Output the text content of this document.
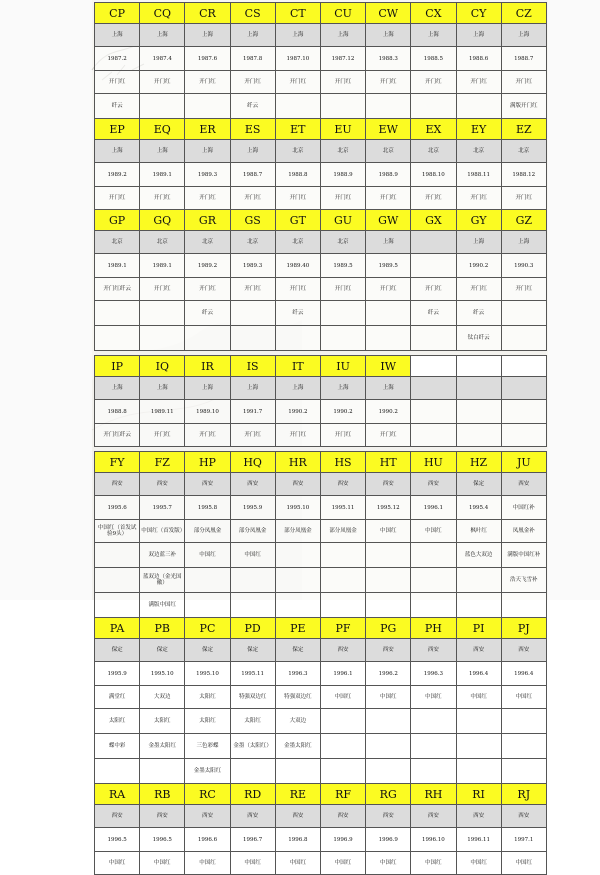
CP	CQ	CR	CS	CT	CU	CW	CX	CY	CZ
上海	上海	上海	上海	上海	上海	上海	上海	上海	上海
1987.2	1987.4	1987.6	1987.8	1987.10	1987.12	1988.3	1988.5	1988.6	1988.7
开门红	开门红	开门红	开门红	开门红	开门红	开门红	开门红	开门红	开门红
纤云			纤云						满版开门红
EP	EQ	ER	ES	ET	EU	EW	EX	EY	EZ
上海	上海	上海	上海	北京	北京	北京	北京	北京	北京
1989.2	1989.1	1989.3	1988.7	1988.8	1988.9	1988.9	1988.10	1988.11	1988.12
开门红	开门红	开门红	开门红	开门红	开门红	开门红	开门红	开门红	开门红
GP	GQ	GR	GS	GT	GU	GW	GX	GY	GZ
北京	北京	北京	北京	北京	北京	上海		上海	上海
1989.1	1989.1	1989.2	1989.3	1989.40	1989.5	1989.5		1990.2	1990.3
开门红纤云	开门红	开门红	开门红	开门红	开门红	开门红	开门红	开门红	开门红
		纤云		纤云			纤云	纤云	
								钛白纤云	

IP	IQ	IR	IS	IT	IU	IW			
上海	上海	上海	上海	上海	上海	上海			
1988.8	1989.11	1989.10	1991.7	1990.2	1990.2	1990.2			
开门红纤云	开门红	开门红	开门红	开门红	开门红	开门红			

FY	FZ	HP	HQ	HR	HS	HT	HU	HZ	JU
西安	西安	西安	西安	西安	西安	西安	西安	保定	西安
1995.6	1995.7	1995.8	1995.9	1995.10	1995.11	1995.12	1996.1	1995.4	中国红补
中国红（首发试验9头）	中国红（首发版）	部分凤凰金	部分凤凰金	部分凤凰金	部分凤凰金	中国红	中国红	枫叶红	凤凰金补
	双边蓝三补	中国红	中国红					蓝色大双边	满版中国红补
	蓝双边（金光国徽）								浩天飞雪补
	满版中国红								
PA	PB	PC	PD	PE	PF	PG	PH	PI	PJ
保定	保定	保定	保定	保定	西安	西安	西安	西安	西安
1995.9	1995.10	1995.10	1995.11	1996.3	1996.1	1996.2	1996.3	1996.4	1996.4
满堂红	大双边	太阳红	特强双边红	特强双边红	中国红	中国红	中国红	中国红	中国红
太阳红	太阳红	太阳红	太阳红	大双边					
蝶中彩	金墨太阳红	三色彩蝶	金墨（太阳红）	金墨太阳红					
		金墨太阳红							
RA	RB	RC	RD	RE	RF	RG	RH	RI	RJ
西安	西安	西安	西安	西安	西安	西安	西安	西安	西安
1996.5	1996.5	1996.6	1996.7	1996.8	1996.9	1996.9	1996.10	1996.11	1997.1
中国红	中国红	中国红	中国红	中国红	中国红	中国红	中国红	中国红	中国红
